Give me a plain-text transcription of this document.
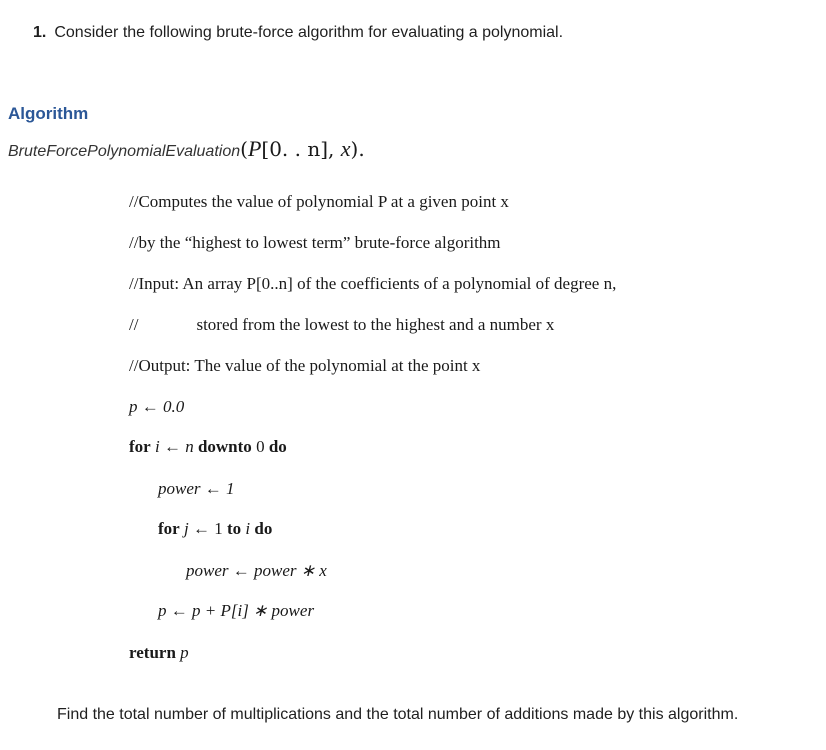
1. Consider the following brute-force algorithm for evaluating a polynomial.
Algorithm
BruteForcePolynomialEvaluation(P[0. . n], x).
//Computes the value of polynomial P at a given point x
//by the “highest to lowest term” brute-force algorithm
//Input: An array P[0..n] of the coefficients of a polynomial of degree n,
//	stored from the lowest to the highest and a number x
//Output: The value of the polynomial at the point x
p ← 0.0
for i ← n downto 0 do
power ← 1
for j ← 1 to i do
power ← power ∗ x
p ← p + P[i] ∗ power
return p
Find the total number of multiplications and the total number of additions made by this algorithm.
